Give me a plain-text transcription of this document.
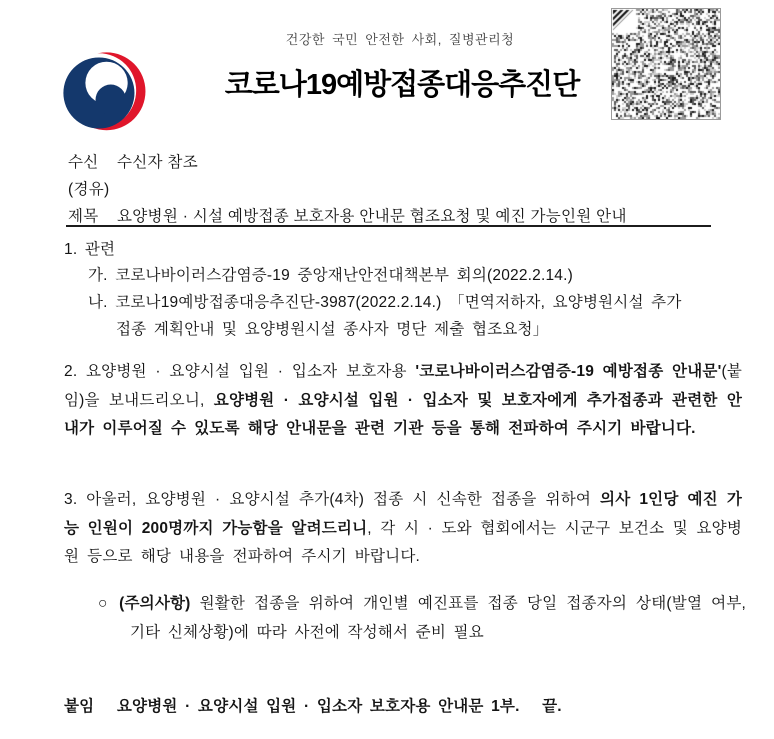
건강한 국민 안전한 사회, 질병관리청
코로나19예방접종대응추진단
수신 수신자 참조
(경유)
제목 요양병원 · 시설 예방접종 보호자용 안내문 협조요청 및 예진 가능인원 안내
1. 관련
가. 코로나바이러스감염증-19 중앙재난안전대책본부 회의(2022.2.14.)
나. 코로나19예방접종대응추진단-3987(2022.2.14.) 「면역저하자, 요양병원시설 추가
접종 계획안내 및 요양병원시설 종사자 명단 제출 협조요청」
2. 요양병원 · 요양시설 입원 · 입소자 보호자용 '코로나바이러스감염증-19 예방접종 안내문'(붙임)을 보내드리오니, 요양병원 · 요양시설 입원 · 입소자 및 보호자에게 추가접종과 관련한 안내가 이루어질 수 있도록 해당 안내문을 관련 기관 등을 통해 전파하여 주시기 바랍니다.
3. 아울러, 요양병원 · 요양시설 추가(4차) 접종 시 신속한 접종을 위하여 의사 1인당 예진 가능 인원이 200명까지 가능함을 알려드리니, 각 시 · 도와 협회에서는 시군구 보건소 및 요양병원 등으로 해당 내용을 전파하여 주시기 바랍니다.
○ (주의사항) 원활한 접종을 위하여 개인별 예진표를 접종 당일 접종자의 상태(발열 여부, 기타 신체상황)에 따라 사전에 작성해서 준비 필요
붙임   요양병원 · 요양시설 입원 · 입소자 보호자용 안내문 1부.   끝.
